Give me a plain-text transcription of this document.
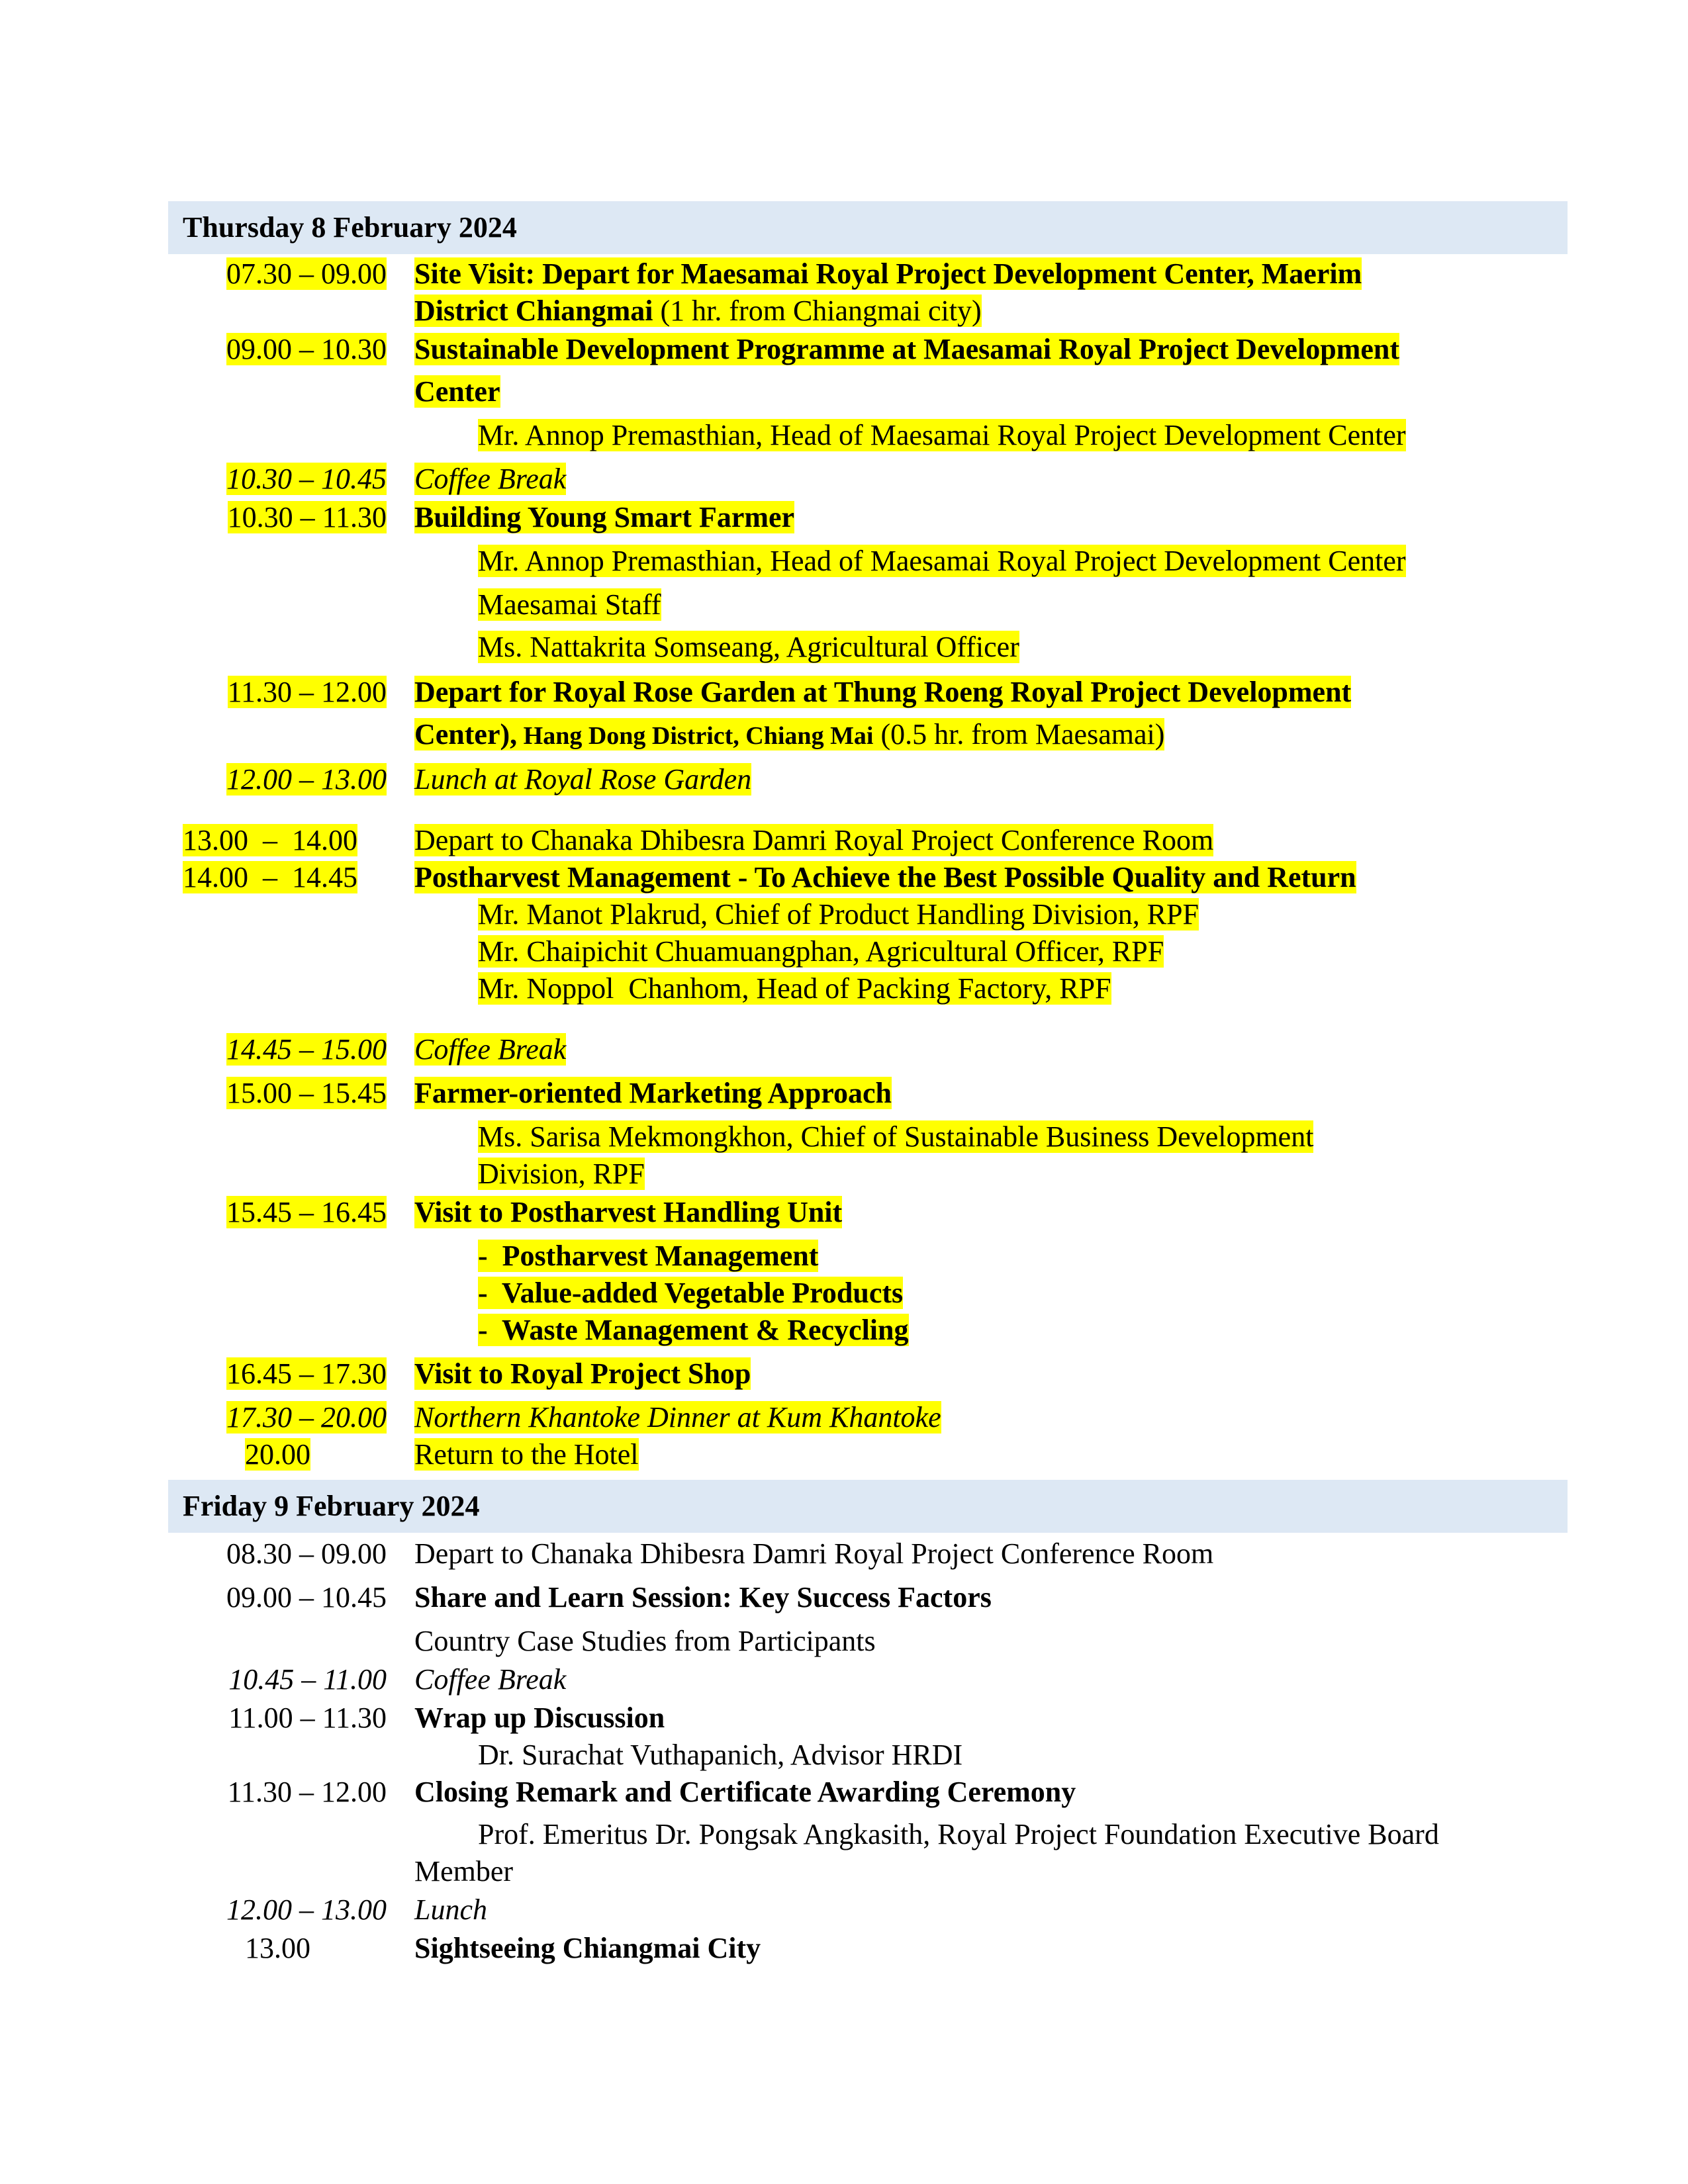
Thursday 8 February 2024
07.30 – 09.00 Site Visit: Depart for Maesamai Royal Project Development Center, Maerim
District Chiangmai (1 hr. from Chiangmai city)
09.00 – 10.30 Sustainable Development Programme at Maesamai Royal Project Development
Center
Mr. Annop Premasthian, Head of Maesamai Royal Project Development Center
10.30 – 10.45 Coffee Break
10.30 – 11.30 Building Young Smart Farmer
Mr. Annop Premasthian, Head of Maesamai Royal Project Development Center
Maesamai Staff
Ms. Nattakrita Somseang, Agricultural Officer
11.30 – 12.00 Depart for Royal Rose Garden at Thung Roeng Royal Project Development
Center), Hang Dong District, Chiang Mai (0.5 hr. from Maesamai)
12.00 – 13.00 Lunch at Royal Rose Garden
13.00  –  14.00 Depart to Chanaka Dhibesra Damri Royal Project Conference Room
14.00  –  14.45 Postharvest Management - To Achieve the Best Possible Quality and Return
Mr. Manot Plakrud, Chief of Product Handling Division, RPF
Mr. Chaipichit Chuamuangphan, Agricultural Officer, RPF
Mr. Noppol  Chanhom, Head of Packing Factory, RPF
14.45 – 15.00 Coffee Break
15.00 – 15.45 Farmer-oriented Marketing Approach
Ms. Sarisa Mekmongkhon, Chief of Sustainable Business Development
Division, RPF
15.45 – 16.45 Visit to Postharvest Handling Unit
-  Postharvest Management
-  Value-added Vegetable Products
-  Waste Management & Recycling
16.45 – 17.30 Visit to Royal Project Shop
17.30 – 20.00 Northern Khantoke Dinner at Kum Khantoke
20.00	Return to the Hotel
Friday 9 February 2024
08.30 – 09.00 Depart to Chanaka Dhibesra Damri Royal Project Conference Room
09.00 – 10.45 Share and Learn Session: Key Success Factors
Country Case Studies from Participants
10.45 – 11.00 Coffee Break
11.00 – 11.30 Wrap up Discussion
Dr. Surachat Vuthapanich, Advisor HRDI
11.30 – 12.00 Closing Remark and Certificate Awarding Ceremony
Prof. Emeritus Dr. Pongsak Angkasith, Royal Project Foundation Executive Board
Member
12.00 – 13.00 Lunch
13.00	Sightseeing Chiangmai City
